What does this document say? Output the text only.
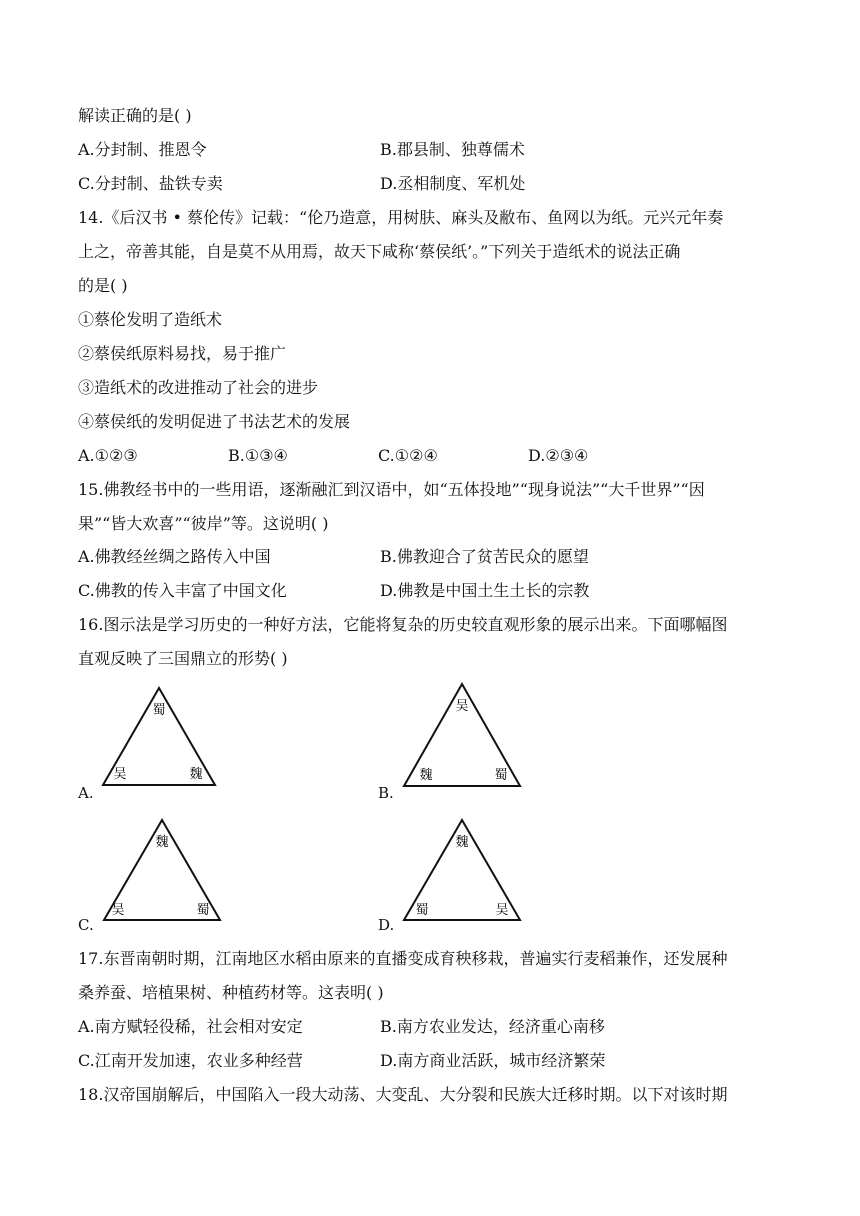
解读正确的是( )
A.分封制、推恩令	B.郡县制、独尊儒术
C.分封制、盐铁专卖	D.丞相制度、军机处
14.《后汉书 • 蔡伦传》记载：“伦乃造意，用树肤、麻头及敝布、鱼网以为纸。元兴元年奏
上之，帝善其能，自是莫不从用焉，故天下咸称‘蔡侯纸’。”下列关于造纸术的说法正确
的是( )
①蔡伦发明了造纸术
②蔡侯纸原料易找，易于推广
③造纸术的改进推动了社会的进步
④蔡侯纸的发明促进了书法艺术的发展
A.①②③	B.①③④	C.①②④	D.②③④
15.佛教经书中的一些用语，逐渐融汇到汉语中，如“五体投地”“现身说法”“大千世界”“因
果”“皆大欢喜”“彼岸”等。这说明( )
A.佛教经丝绸之路传入中国	B.佛教迎合了贫苦民众的愿望
C.佛教的传入丰富了中国文化	D.佛教是中国土生土长的宗教
16.图示法是学习历史的一种好方法，它能将复杂的历史较直观形象的展示出来。下面哪幅图
直观反映了三国鼎立的形势( )
A.
蜀
吴	魏
B.
吴
魏	蜀
C.
魏
吴	蜀
D.
魏
蜀	吴
17.东晋南朝时期，江南地区水稻由原来的直播变成育秧移栽，普遍实行麦稻兼作，还发展种
桑养蚕、培植果树、种植药材等。这表明( )
A.南方赋轻役稀，社会相对安定	B.南方农业发达，经济重心南移
C.江南开发加速，农业多种经营	D.南方商业活跃，城市经济繁荣
18.汉帝国崩解后，中国陷入一段大动荡、大变乱、大分裂和民族大迁移时期。以下对该时期
